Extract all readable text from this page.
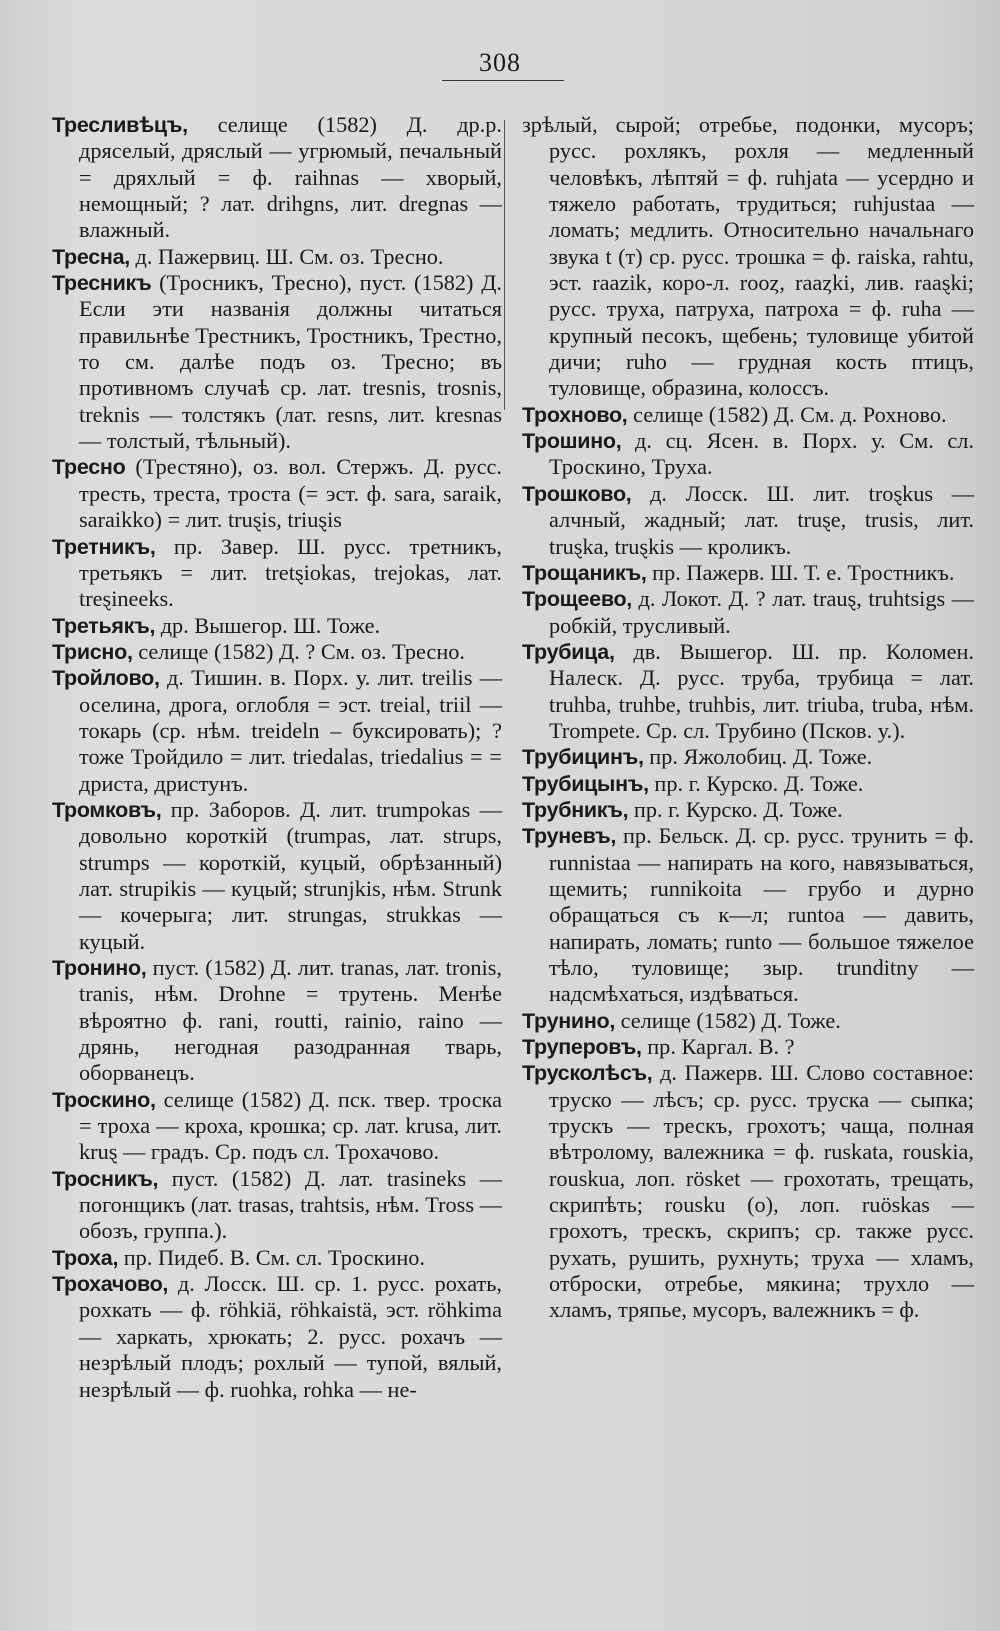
308

Тресливѣцъ, селище (1582) Д. др.р. дряселый, дряслый — угрюмый, печальный = дряхлый = ф. raihnas — хворый, немощный; ? лат. drihgns, лит. dregnas — влажный.

Тресна, д. Пажервиц. Ш. См. оз. Тресно.

Тресникъ (Тросникъ, Тресно), пуст. (1582) Д. Если эти названія должны читаться правильнѣе Трестникъ, Тростникъ, Трестно, то см. далѣе подъ оз. Тресно; въ противномъ случаѣ ср. лат. tresnis, trosnis, treknis — толстякъ (лат. resns, лит. kresnas — толстый, тѣльный).

Тресно (Трестяно), оз. вол. Стержъ. Д. русс. тресть, треста, троста (= эст. ф. sara, saraik, saraikko) = лит. truȿis, triuȿis

Третникъ, пр. Завер. Ш. русс. третникъ, третьякъ = лит. tretȿiokas, trejokas, лат. treȿineeks.

Третьякъ, др. Вышегор. Ш. Тоже.

Трисно, селище (1582) Д. ? См. оз. Тресно.

Тройлово, д. Тишин. в. Порх. у. лит. treilis — оселина, дрога, оглобля = эст. treial, triil — токарь (ср. нѣм. treideln – буксировать); ? тоже Тройдило = лит. triedalas, triedalius = = дриста, дристунъ.

Тромковъ, пр. Заборов. Д. лит. trumpokas — довольно короткій (trumpas, лат. strups, strumps — короткій, куцый, обрѣзанный) лат. strupikis — куцый; strunjkis, нѣм. Strunk — кочерыга; лит. strungas, strukkas — куцый.

Тронино, пуст. (1582) Д. лит. tranas, лат. tronis, tranis, нѣм. Drohne = трутень. Менѣе вѣроятно ф. rani, routti, rainio, raino — дрянь, негодная разодранная тварь, оборванецъ.

Троскино, селище (1582) Д. пск. твер. троска = троха — кроха, крошка; ср. лат. krusa, лит. kruȿ — градъ. Ср. подъ сл. Трохачово.

Тросникъ, пуст. (1582) Д. лат. trasineks — погонщикъ (лат. trasas, trahtsis, нѣм. Tross — обозъ, группа.).

Троха, пр. Пидеб. В. См. сл. Троскино.

Трохачово, д. Лосск. Ш. ср. 1. русс. рохать, рохкать — ф. röhkiä, röhkaistä, эст. röhkima — харкать, хрюкать; 2. русс. рохачъ — незрѣлый плодъ; рохлый — тупой, вялый, незрѣлый — ф. ruohka, rohka — не-

зрѣлый, сырой; отребье, подонки, мусоръ; русс. рохлякъ, рохля — медленный человѣкъ, лѣптяй = ф. ruhjata — усердно и тяжело работать, трудиться; ruhjustaa — ломать; медлить. Относительно начальнаго звука t (т) ср. русс. трошка = ф. raiska, rahtu, эст. raazik, коро-л. rooȥ, raaȥki, лив. raaȿki; русс. труха, патруха, патроха = ф. ruha — крупный песокъ, щебень; туловище убитой дичи; ruho — грудная кость птицъ, туловище, образина, колоссъ.

Трохново, селище (1582) Д. См. д. Рохново.

Трошино, д. сц. Ясен. в. Порх. у. См. сл. Троскино, Труха.

Трошково, д. Лосск. Ш. лит. troȿkus — алчный, жадный; лат. truȿe, trusis, лит. truȿka, truȿkis — кроликъ.

Трощаникъ, пр. Пажерв. Ш. Т. е. Тростникъ.

Трощеево, д. Локот. Д. ? лат. trauȿ, truhtsigs — робкій, трусливый.

Трубица, дв. Вышегор. Ш. пр. Коломен. Налеск. Д. русс. труба, трубица = лат. truhba, truhbe, truhbis, лит. triuba, truba, нѣм. Trompete. Ср. сл. Трубино (Псков. у.).

Трубицинъ, пр. Яжолобиц. Д. Тоже.

Трубицынъ, пр. г. Курско. Д. Тоже.

Трубникъ, пр. г. Курско. Д. Тоже.

Труневъ, пр. Бельск. Д. ср. русс. трунить = ф. runnistaa — напирать на кого, навязываться, щемить; runnikoita — грубо и дурно обращаться съ к—л; runtoa — давить, напирать, ломать; runto — большое тяжелое тѣло, туловище; зыр. trunditny — надсмѣхаться, издѣваться.

Трунино, селище (1582) Д. Тоже.

Труперовъ, пр. Каргал. В. ?

Трусколѣсъ, д. Пажерв. Ш. Слово составное: труско — лѣсъ; ср. русс. труска — сыпка; трускъ — трескъ, грохотъ; чаща, полная вѣтролому, валежника = ф. ruskata, rouskia, rouskua, лоп. rösket — грохотать, трещать, скрипѣть; rousku (o), лоп. ruöskas — грохотъ, трескъ, скрипъ; ср. также русс. рухать, рушить, рухнуть; труха — хламъ, отброски, отребье, мякина; трухло — хламъ, тряпье, мусоръ, валежникъ = ф.
